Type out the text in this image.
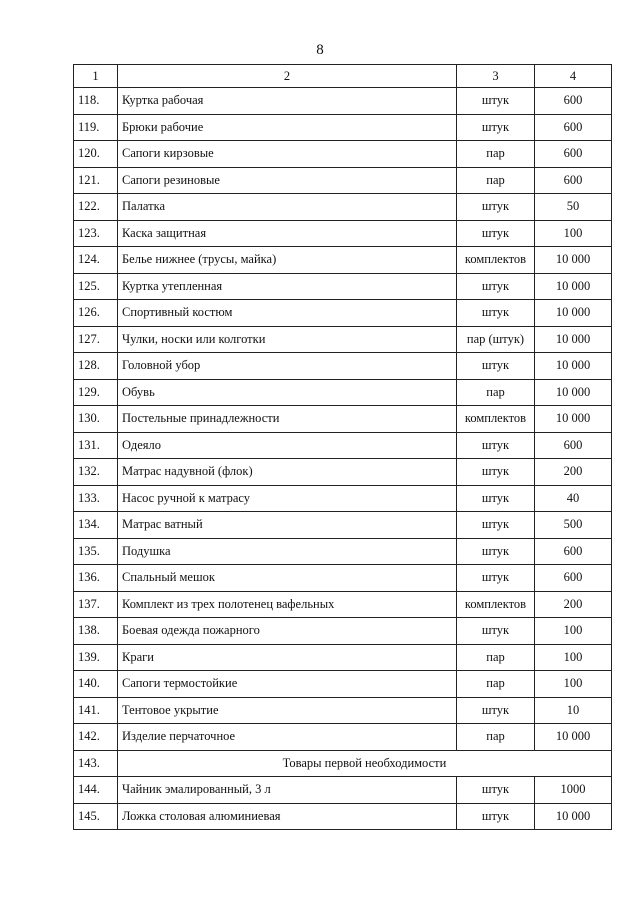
8
1	2	3	4
118.	Куртка рабочая	штук	600
119.	Брюки рабочие	штук	600
120.	Сапоги кирзовые	пар	600
121.	Сапоги резиновые	пар	600
122.	Палатка	штук	50
123.	Каска защитная	штук	100
124.	Белье нижнее (трусы, майка)	комплектов	10 000
125.	Куртка утепленная	штук	10 000
126.	Спортивный костюм	штук	10 000
127.	Чулки, носки или колготки	пар (штук)	10 000
128.	Головной убор	штук	10 000
129.	Обувь	пар	10 000
130.	Постельные принадлежности	комплектов	10 000
131.	Одеяло	штук	600
132.	Матрас надувной (флок)	штук	200
133.	Насос ручной к матрасу	штук	40
134.	Матрас ватный	штук	500
135.	Подушка	штук	600
136.	Спальный мешок	штук	600
137.	Комплект из трех полотенец вафельных	комплектов	200
138.	Боевая одежда пожарного	штук	100
139.	Краги	пар	100
140.	Сапоги термостойкие	пар	100
141.	Тентовое укрытие	штук	10
142.	Изделие перчаточное	пар	10 000
143.	Товары первой необходимости		
144.	Чайник эмалированный, 3 л	штук	1000
145.	Ложка столовая алюминиевая	штук	10 000
